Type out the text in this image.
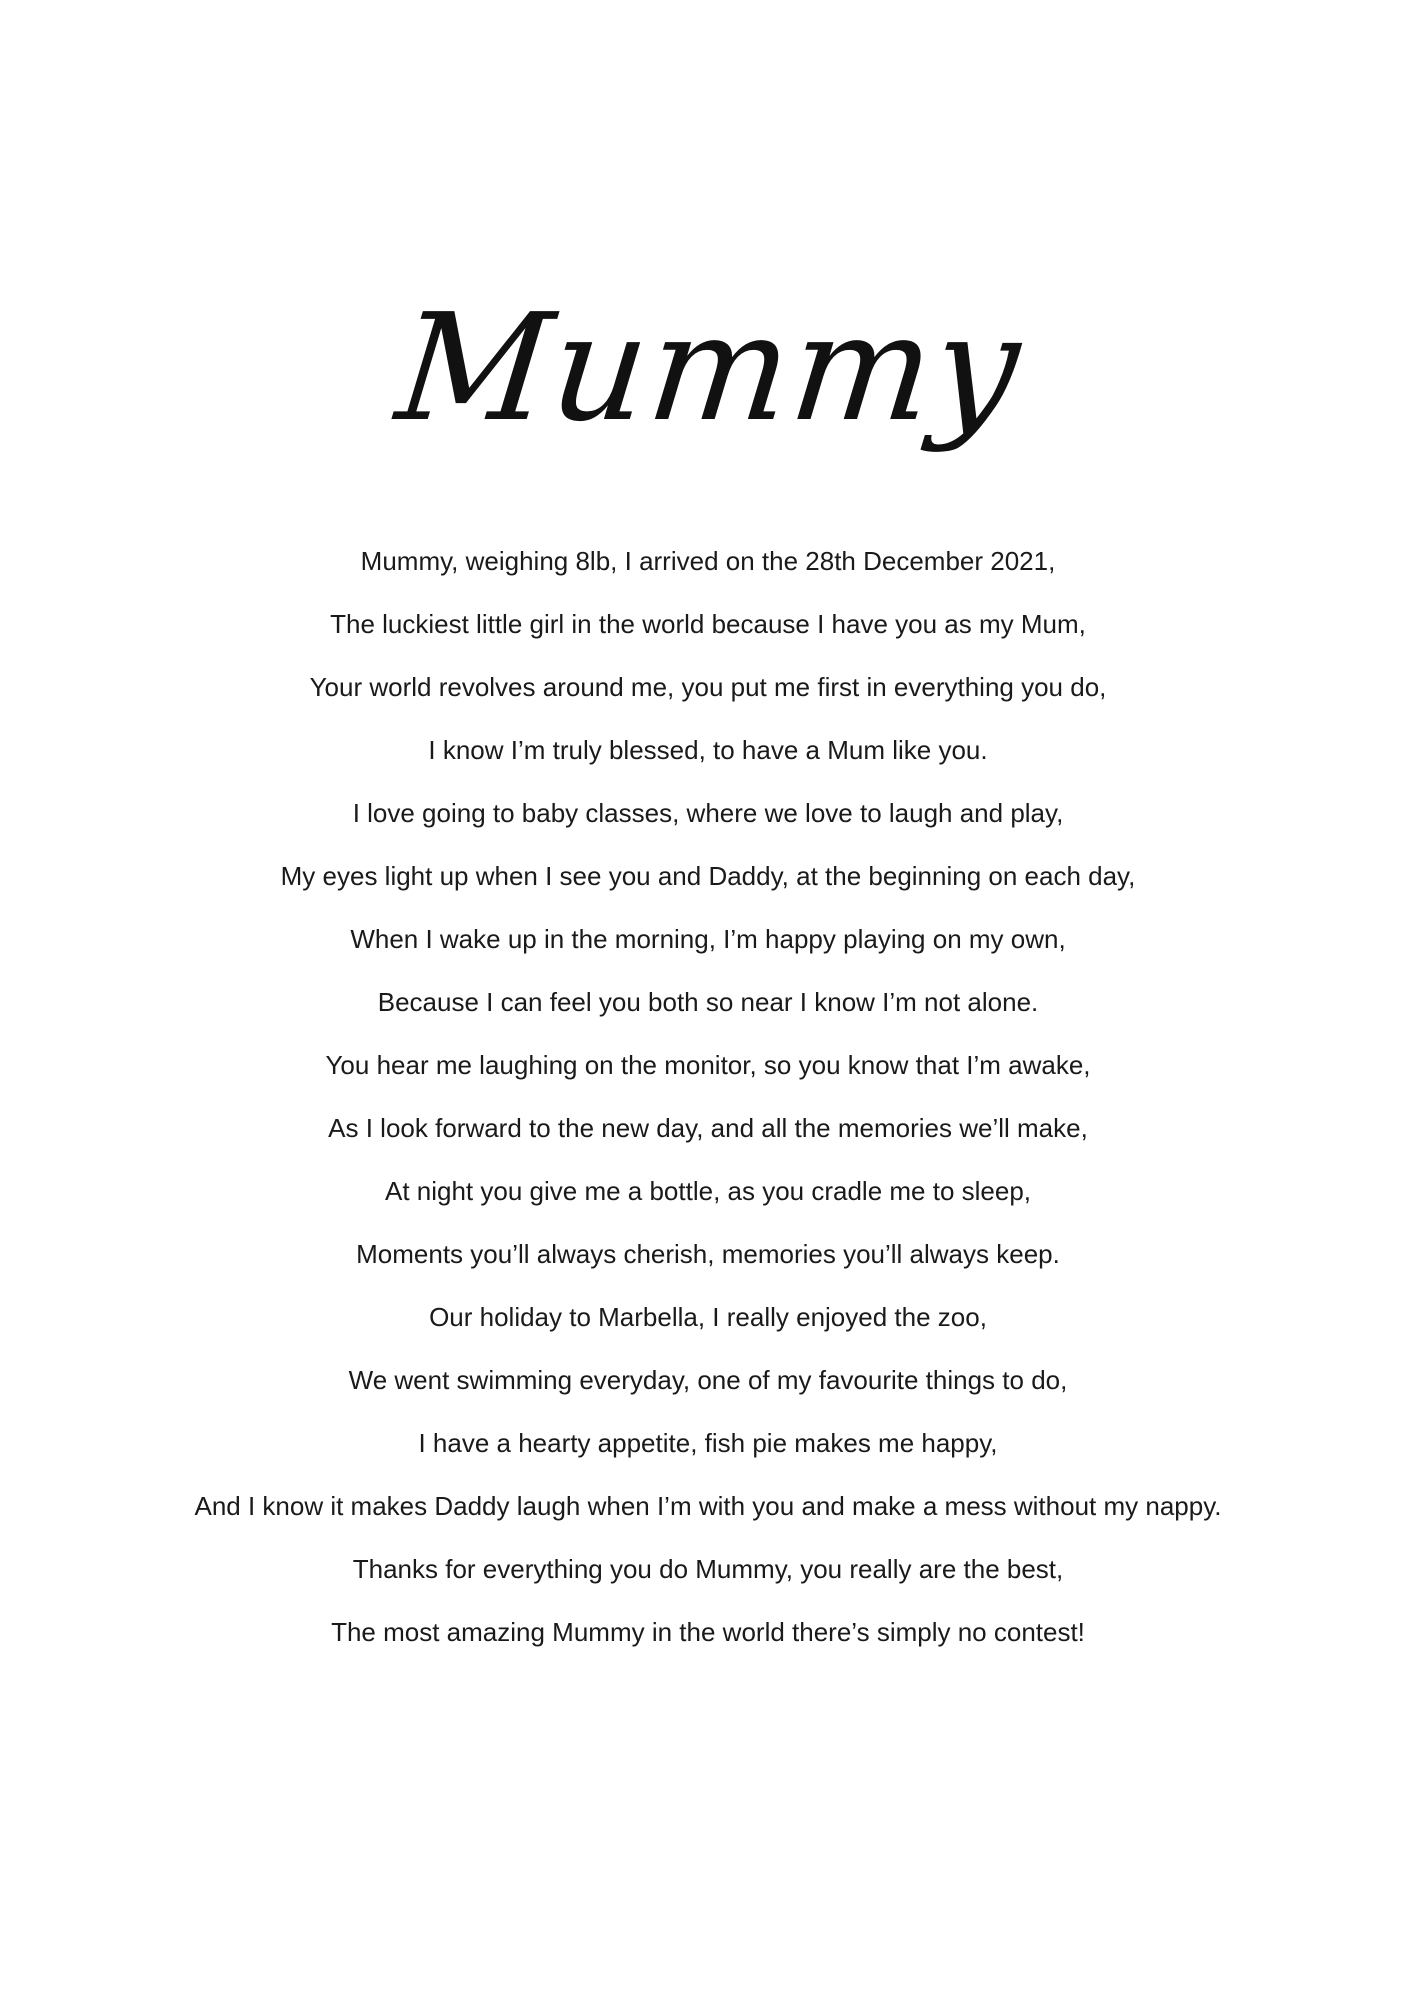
Mummy
Mummy, weighing 8lb, I arrived on the 28th December 2021,
The luckiest little girl in the world because I have you as my Mum,
Your world revolves around me, you put me first in everything you do,
I know I’m truly blessed, to have a Mum like you.
I love going to baby classes, where we love to laugh and play,
My eyes light up when I see you and Daddy, at the beginning on each day,
When I wake up in the morning, I’m happy playing on my own,
Because I can feel you both so near I know I’m not alone.
You hear me laughing on the monitor, so you know that I’m awake,
As I look forward to the new day, and all the memories we’ll make,
At night you give me a bottle, as you cradle me to sleep,
Moments you’ll always cherish, memories you’ll always keep.
Our holiday to Marbella, I really enjoyed the zoo,
We went swimming everyday, one of my favourite things to do,
I have a hearty appetite, fish pie makes me happy,
And I know it makes Daddy laugh when I’m with you and make a mess without my nappy.
Thanks for everything you do Mummy, you really are the best,
The most amazing Mummy in the world there’s simply no contest!
